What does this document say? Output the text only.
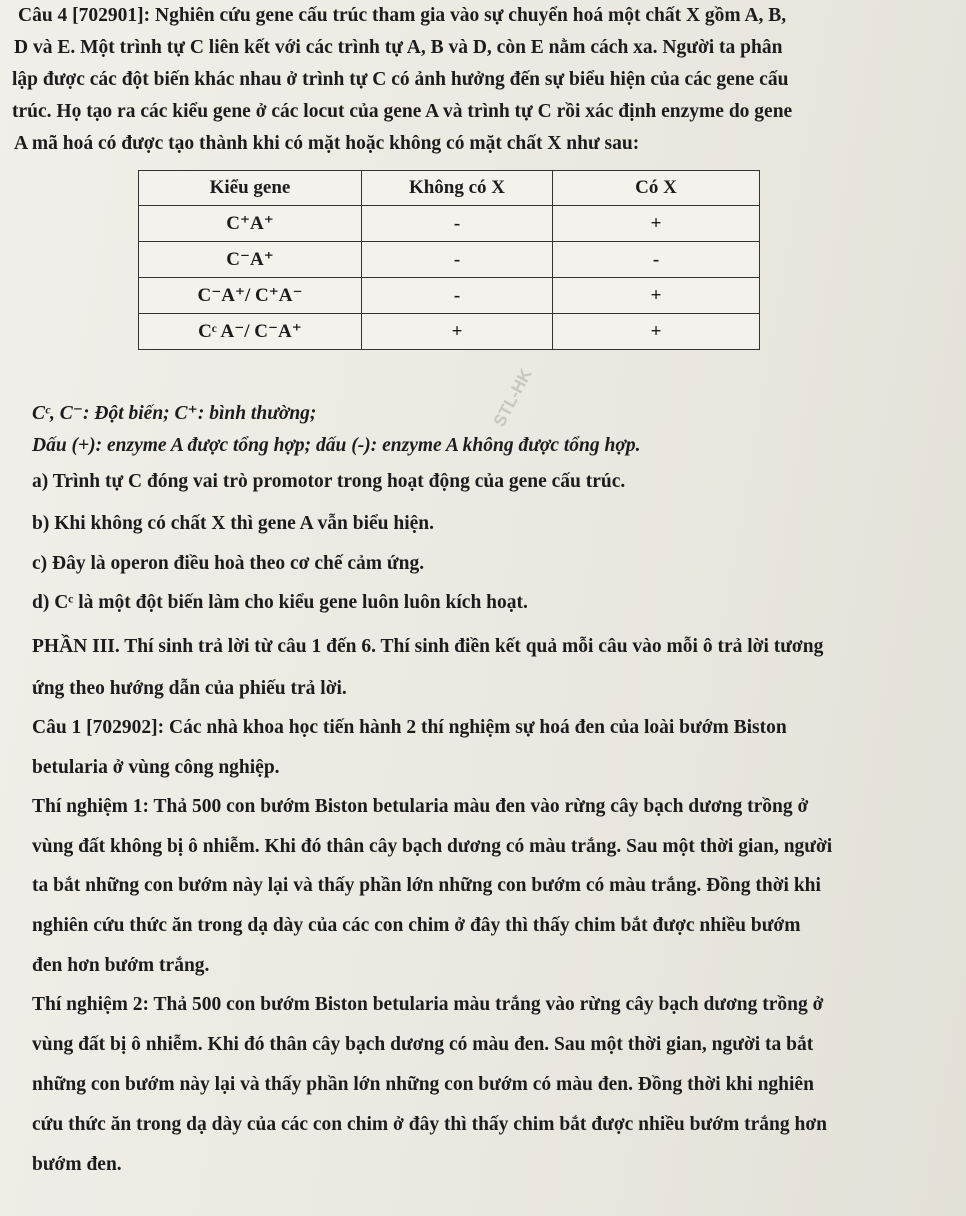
Câu 4 [702901]: Nghiên cứu gene cấu trúc tham gia vào sự chuyển hoá một chất X gồm A, B,
D và E. Một trình tự C liên kết với các trình tự A, B và D, còn E nằm cách xa. Người ta phân
lập được các đột biến khác nhau ở trình tự C có ảnh hưởng đến sự biểu hiện của các gene cấu
trúc. Họ tạo ra các kiểu gene ở các locut của gene A và trình tự C rồi xác định enzyme do gene
A mã hoá có được tạo thành khi có mặt hoặc không có mặt chất X như sau:
Kiểu gene	Không có X	Có X
C⁺A⁺	-	+
C⁻A⁺	-	-
C⁻A⁺/ C⁺A⁻	-	+
Cᶜ A⁻/ C⁻A⁺	+	+
STL-HK
Cᶜ, C⁻: Đột biến; C⁺: bình thường;
Dấu (+): enzyme A được tổng hợp; dấu (-): enzyme A không được tổng hợp.
a) Trình tự C đóng vai trò promotor trong hoạt động của gene cấu trúc.
b) Khi không có chất X thì gene A vẫn biểu hiện.
c) Đây là operon điều hoà theo cơ chế cảm ứng.
d) Cᶜ là một đột biến làm cho kiểu gene luôn luôn kích hoạt.
PHẦN III. Thí sinh trả lời từ câu 1 đến 6. Thí sinh điền kết quả mỗi câu vào mỗi ô trả lời tương
ứng theo hướng dẫn của phiếu trả lời.
Câu 1 [702902]: Các nhà khoa học tiến hành 2 thí nghiệm sự hoá đen của loài bướm Biston
betularia ở vùng công nghiệp.
Thí nghiệm 1: Thả 500 con bướm Biston betularia màu đen vào rừng cây bạch dương trồng ở
vùng đất không bị ô nhiễm. Khi đó thân cây bạch dương có màu trắng. Sau một thời gian, người
ta bắt những con bướm này lại và thấy phần lớn những con bướm có màu trắng. Đồng thời khi
nghiên cứu thức ăn trong dạ dày của các con chim ở đây thì thấy chim bắt được nhiều bướm
đen hơn bướm trắng.
Thí nghiệm 2: Thả 500 con bướm Biston betularia màu trắng vào rừng cây bạch dương trồng ở
vùng đất bị ô nhiễm. Khi đó thân cây bạch dương có màu đen. Sau một thời gian, người ta bắt
những con bướm này lại và thấy phần lớn những con bướm có màu đen. Đồng thời khi nghiên
cứu thức ăn trong dạ dày của các con chim ở đây thì thấy chim bắt được nhiều bướm trắng hơn
bướm đen.
